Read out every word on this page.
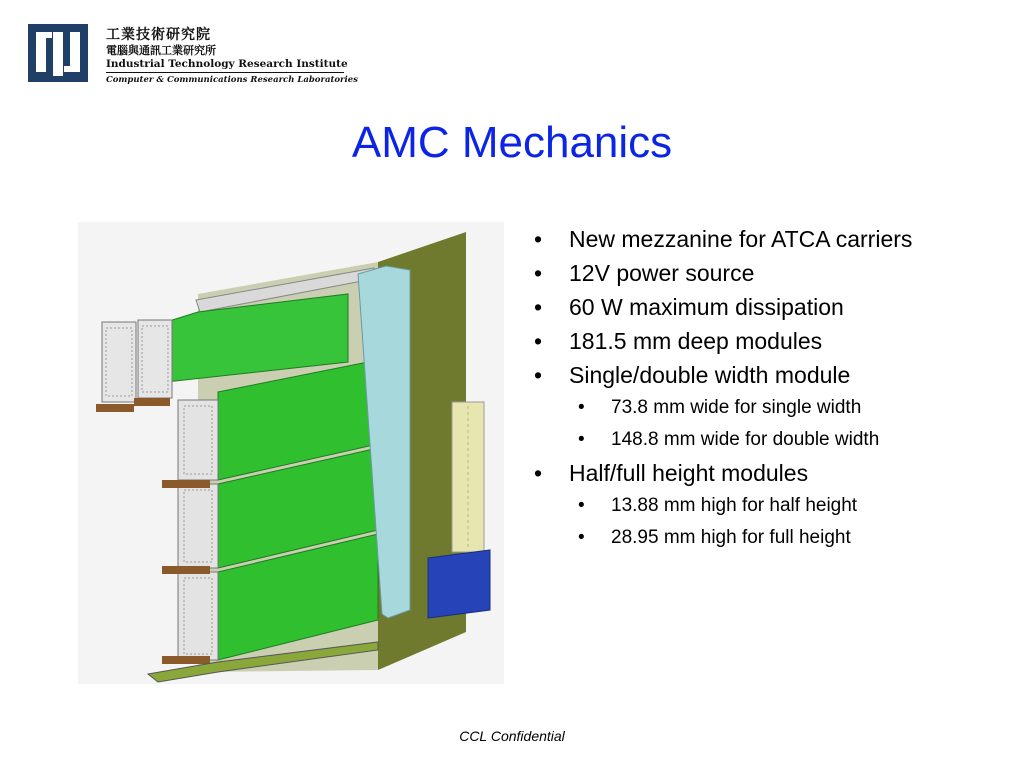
工業技術研究院
電腦與通訊工業研究所
Industrial Technology Research Institute
Computer & Communications Research Laboratories
AMC Mechanics
• New mezzanine for ATCA carriers
• 12V power source
• 60 W maximum dissipation
• 181.5 mm deep modules
• Single/double width module
• 73.8 mm wide for single width
• 148.8 mm wide for double width
• Half/full height modules
• 13.88 mm high for half height
• 28.95 mm high for full height
CCL Confidential
